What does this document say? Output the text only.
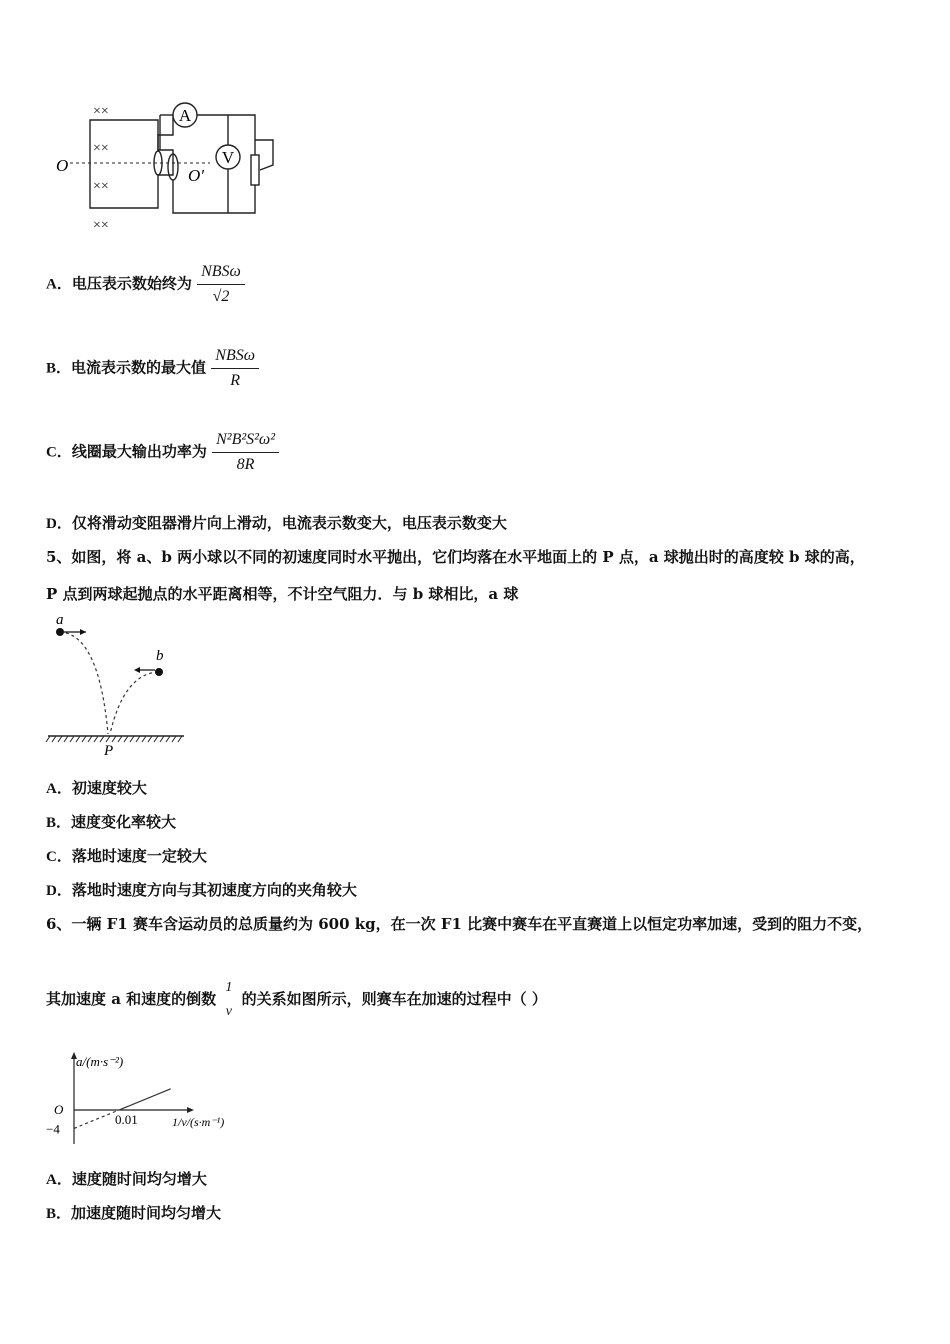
A
V
O
O′
××
××
××
××
A．电压表示数始终为 $\frac{\text{NBSω}}{√2}$
B．电流表示数的最大值 $\frac{\text{NBSω}}{R}$
C．线圈最大输出功率为 $\frac{\text{N²B²S²ω²}}{8R}$
D．仅将滑动变阻器滑片向上滑动，电流表示数变大，电压表示数变大
5、如图，将 a、b 两小球以不同的初速度同时水平抛出，它们均落在水平地面上的 P 点，a 球抛出时的高度较 b 球的高，
P 点到两球起抛点的水平距离相等，不计空气阻力．与 b 球相比，a 球
a
b
P
A．初速度较大
B．速度变化率较大
C．落地时速度一定较大
D．落地时速度方向与其初速度方向的夹角较大
6、一辆 F1 赛车含运动员的总质量约为 600 kg，在一次 F1 比赛中赛车在平直赛道上以恒定功率加速，受到的阻力不变，
其加速度 a 和速度的倒数
1
v
的关系如图所示，则赛车在加速的过程中（ ）
a/(m·s⁻²)
O
−4
0.01	1/v/(s·m⁻¹)
A．速度随时间均匀增大
B．加速度随时间均匀增大
